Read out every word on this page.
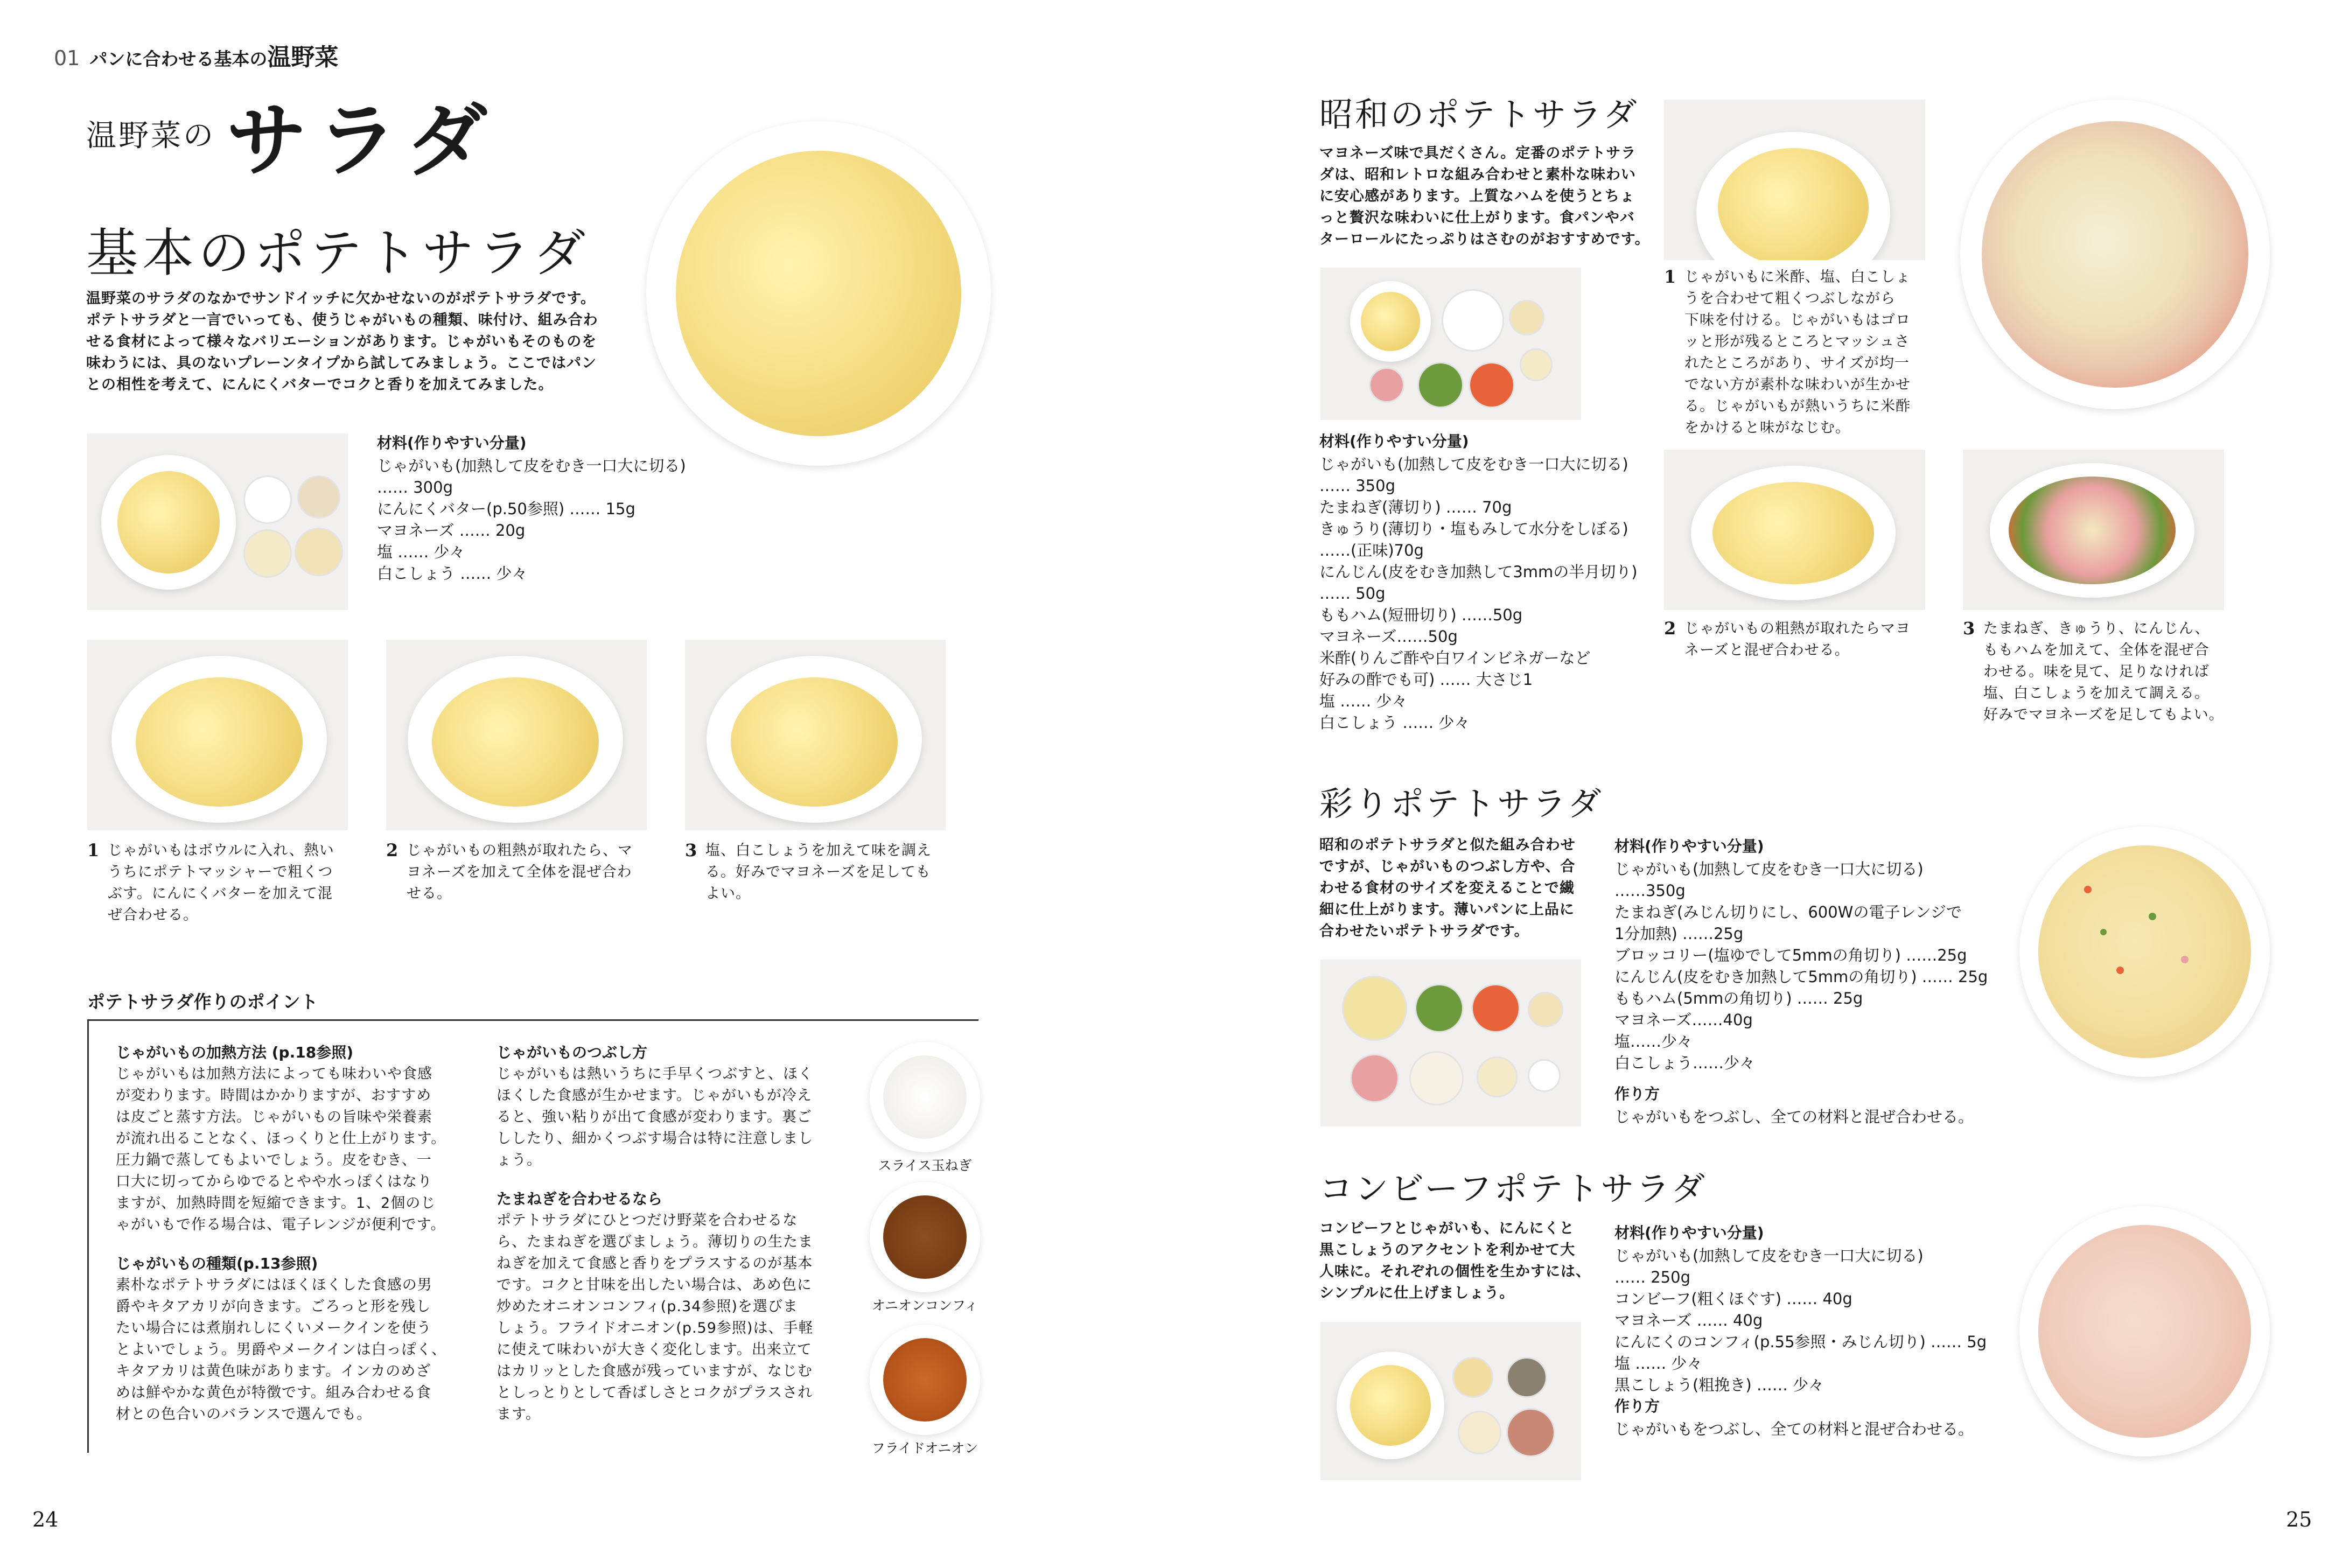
01 パンに合わせる基本の温野菜
温野菜の サラダ
基本のポテトサラダ
温野菜のサラダのなかでサンドイッチに欠かせないのがポテトサラダです。
ポテトサラダと一言でいっても、使うじゃがいもの種類、味付け、組み合わ
せる食材によって様々なバリエーションがあります。じゃがいもそのものを
味わうには、具のないプレーンタイプから試してみましょう。ここではパン
との相性を考えて、にんにくバターでコクと香りを加えてみました。
材料(作りやすい分量)
じゃがいも(加熱して皮をむき一口大に切る)
…… 300g
にんにくバター(p.50参照) …… 15g
マヨネーズ …… 20g
塩 …… 少々
白こしょう …… 少々
1 じゃがいもはボウルに入れ、熱い
うちにポテトマッシャーで粗くつ
ぶす。にんにくバターを加えて混
ぜ合わせる。
2 じゃがいもの粗熱が取れたら、マ
ヨネーズを加えて全体を混ぜ合わ
せる。
3 塩、白こしょうを加えて味を調え
る。好みでマヨネーズを足しても
よい。
ポテトサラダ作りのポイント
じゃがいもの加熱方法 (p.18参照)
じゃがいもは加熱方法によっても味わいや食感
が変わります。時間はかかりますが、おすすめ
は皮ごと蒸す方法。じゃがいもの旨味や栄養素
が流れ出ることなく、ほっくりと仕上がります。
圧力鍋で蒸してもよいでしょう。皮をむき、一
口大に切ってからゆでるとやや水っぽくはなり
ますが、加熱時間を短縮できます。1、2個のじ
ゃがいもで作る場合は、電子レンジが便利です。
じゃがいもの種類(p.13参照)
素朴なポテトサラダにはほくほくした食感の男
爵やキタアカリが向きます。ごろっと形を残し
たい場合には煮崩れしにくいメークインを使う
とよいでしょう。男爵やメークインは白っぽく、
キタアカリは黄色味があります。インカのめざ
めは鮮やかな黄色が特徴です。組み合わせる食
材との色合いのバランスで選んでも。
じゃがいものつぶし方
じゃがいもは熱いうちに手早くつぶすと、ほく
ほくした食感が生かせます。じゃがいもが冷え
ると、強い粘りが出て食感が変わります。裏ご
ししたり、細かくつぶす場合は特に注意しまし
ょう。
たまねぎを合わせるなら
ポテトサラダにひとつだけ野菜を合わせるな
ら、たまねぎを選びましょう。薄切りの生たま
ねぎを加えて食感と香りをプラスするのが基本
です。コクと甘味を出したい場合は、あめ色に
炒めたオニオンコンフィ(p.34参照)を選びま
しょう。フライドオニオン(p.59参照)は、手軽
に使えて味わいが大きく変化します。出来立て
はカリッとした食感が残っていますが、なじむ
としっとりとして香ばしさとコクがプラスされ
ます。
スライス玉ねぎ
オニオンコンフィ
フライドオニオン
24
昭和のポテトサラダ
マヨネーズ味で具だくさん。定番のポテトサラ
ダは、昭和レトロな組み合わせと素朴な味わい
に安心感があります。上質なハムを使うとちょ
っと贅沢な味わいに仕上がります。食パンやバ
ターロールにたっぷりはさむのがおすすめです。
材料(作りやすい分量)
じゃがいも(加熱して皮をむき一口大に切る)
…… 350g
たまねぎ(薄切り) …… 70g
きゅうり(薄切り・塩もみして水分をしぼる)
……(正味)70g
にんじん(皮をむき加熱して3mmの半月切り)
…… 50g
ももハム(短冊切り) ……50g
マヨネーズ……50g
米酢(りんご酢や白ワインビネガーなど
好みの酢でも可) …… 大さじ1
塩 …… 少々
白こしょう …… 少々
1 じゃがいもに米酢、塩、白こしょ
うを合わせて粗くつぶしながら
下味を付ける。じゃがいもはゴロ
ッと形が残るところとマッシュさ
れたところがあり、サイズが均一
でない方が素朴な味わいが生かせ
る。じゃがいもが熱いうちに米酢
をかけると味がなじむ。
2 じゃがいもの粗熱が取れたらマヨ
ネーズと混ぜ合わせる。
3 たまねぎ、きゅうり、にんじん、
ももハムを加えて、全体を混ぜ合
わせる。味を見て、足りなければ
塩、白こしょうを加えて調える。
好みでマヨネーズを足してもよい。
彩りポテトサラダ
昭和のポテトサラダと似た組み合わせ
ですが、じゃがいものつぶし方や、合
わせる食材のサイズを変えることで繊
細に仕上がります。薄いパンに上品に
合わせたいポテトサラダです。
材料(作りやすい分量)
じゃがいも(加熱して皮をむき一口大に切る)
……350g
たまねぎ(みじん切りにし、600Wの電子レンジで
1分加熱) ……25g
ブロッコリー(塩ゆでして5mmの角切り) ……25g
にんじん(皮をむき加熱して5mmの角切り) …… 25g
ももハム(5mmの角切り) …… 25g
マヨネーズ……40g
塩……少々
白こしょう……少々
作り方
じゃがいもをつぶし、全ての材料と混ぜ合わせる。
コンビーフポテトサラダ
コンビーフとじゃがいも、にんにくと
黒こしょうのアクセントを利かせて大
人味に。それぞれの個性を生かすには、
シンプルに仕上げましょう。
材料(作りやすい分量)
じゃがいも(加熱して皮をむき一口大に切る)
…… 250g
コンビーフ(粗くほぐす) …… 40g
マヨネーズ …… 40g
にんにくのコンフィ(p.55参照・みじん切り) …… 5g
塩 …… 少々
黒こしょう(粗挽き) …… 少々
作り方
じゃがいもをつぶし、全ての材料と混ぜ合わせる。
25
